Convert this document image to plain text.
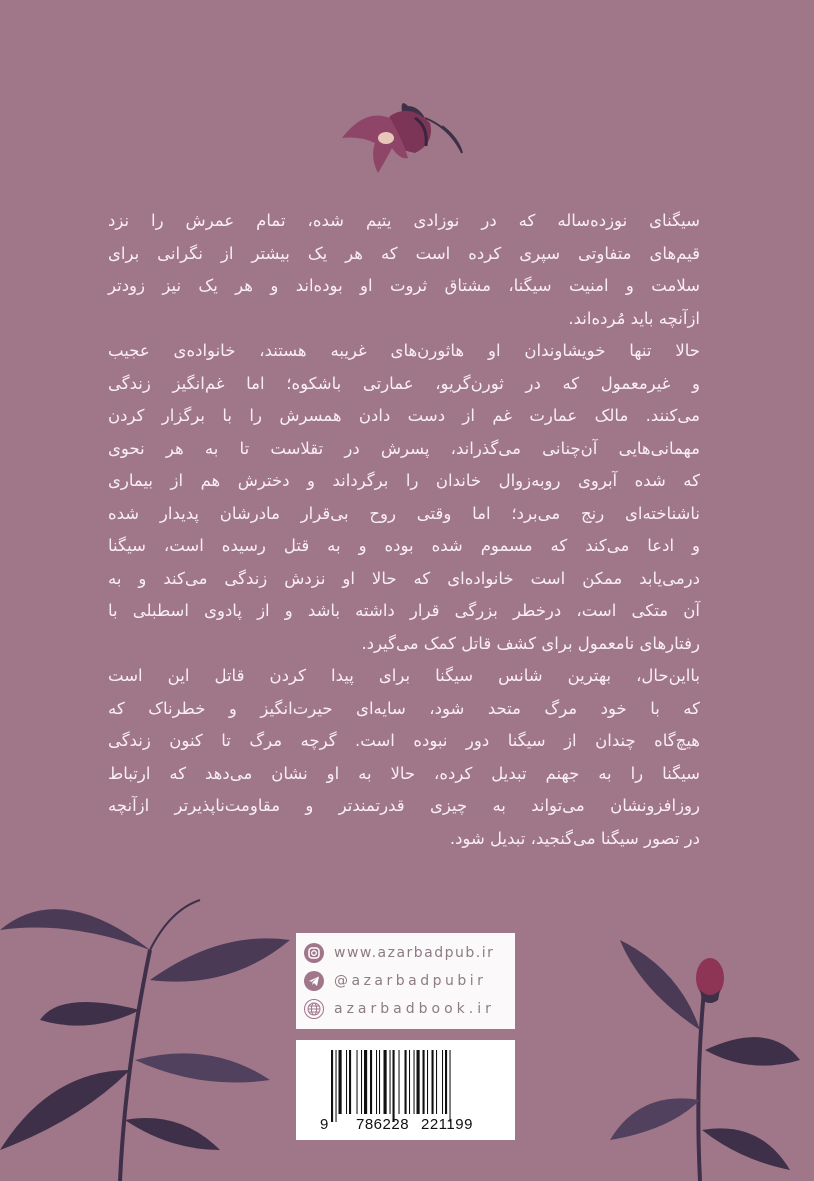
سیگنای نوزده‌ساله که در نوزادی یتیم شده، تمام عمرش را نزد
قیم‌های متفاوتی سپری کرده است که هر یک بیشتر از نگرانی برای
سلامت و امنیت سیگنا، مشتاق ثروت او بوده‌اند و هر یک نیز زودتر
ازآنچه باید مُرده‌اند.
حالا تنها خویشاوندان او هاثورن‌های غریبه هستند، خانواده‌ی عجیب
و غیرمعمول که در ثورن‌گریو، عمارتی باشکوه؛ اما غم‌انگیز زندگی
می‌کنند. مالک عمارت غم از دست دادن همسرش را با برگزار کردن
مهمانی‌هایی آن‌چنانی می‌گذراند، پسرش در تقلاست تا به هر نحوی
که شده آبروی روبه‌زوال خاندان را برگرداند و دخترش هم از بیماری
ناشناخته‌ای رنج می‌برد؛ اما وقتی روح بی‌قرار مادرشان پدیدار شده
و ادعا می‌کند که مسموم شده بوده و به قتل رسیده است، سیگنا
درمی‌یابد ممکن است خانواده‌ای که حالا او نزدش زندگی می‌کند و به
آن متکی است، درخطر بزرگی قرار داشته باشد و از پادوی اسطبلی با
رفتارهای نامعمول برای کشف قاتل کمک می‌گیرد.
بااین‌حال، بهترین شانس سیگنا برای پیدا کردن قاتل این است
که با خود مرگ متحد شود، سایه‌ای حیرت‌انگیز و خطرناک که
هیچ‌گاه چندان از سیگنا دور نبوده است. گرچه مرگ تا کنون زندگی
سیگنا را به جهنم تبدیل کرده، حالا به او نشان می‌دهد که ارتباط
روزافزونشان می‌تواند به چیزی قدرتمندتر و مقاومت‌ناپذیرتر ازآنچه
در تصور سیگنا می‌گنجید، تبدیل شود.
www.azarbadpub.ir
@azarbadpubir
azarbadbook.ir
9 786228 221199
